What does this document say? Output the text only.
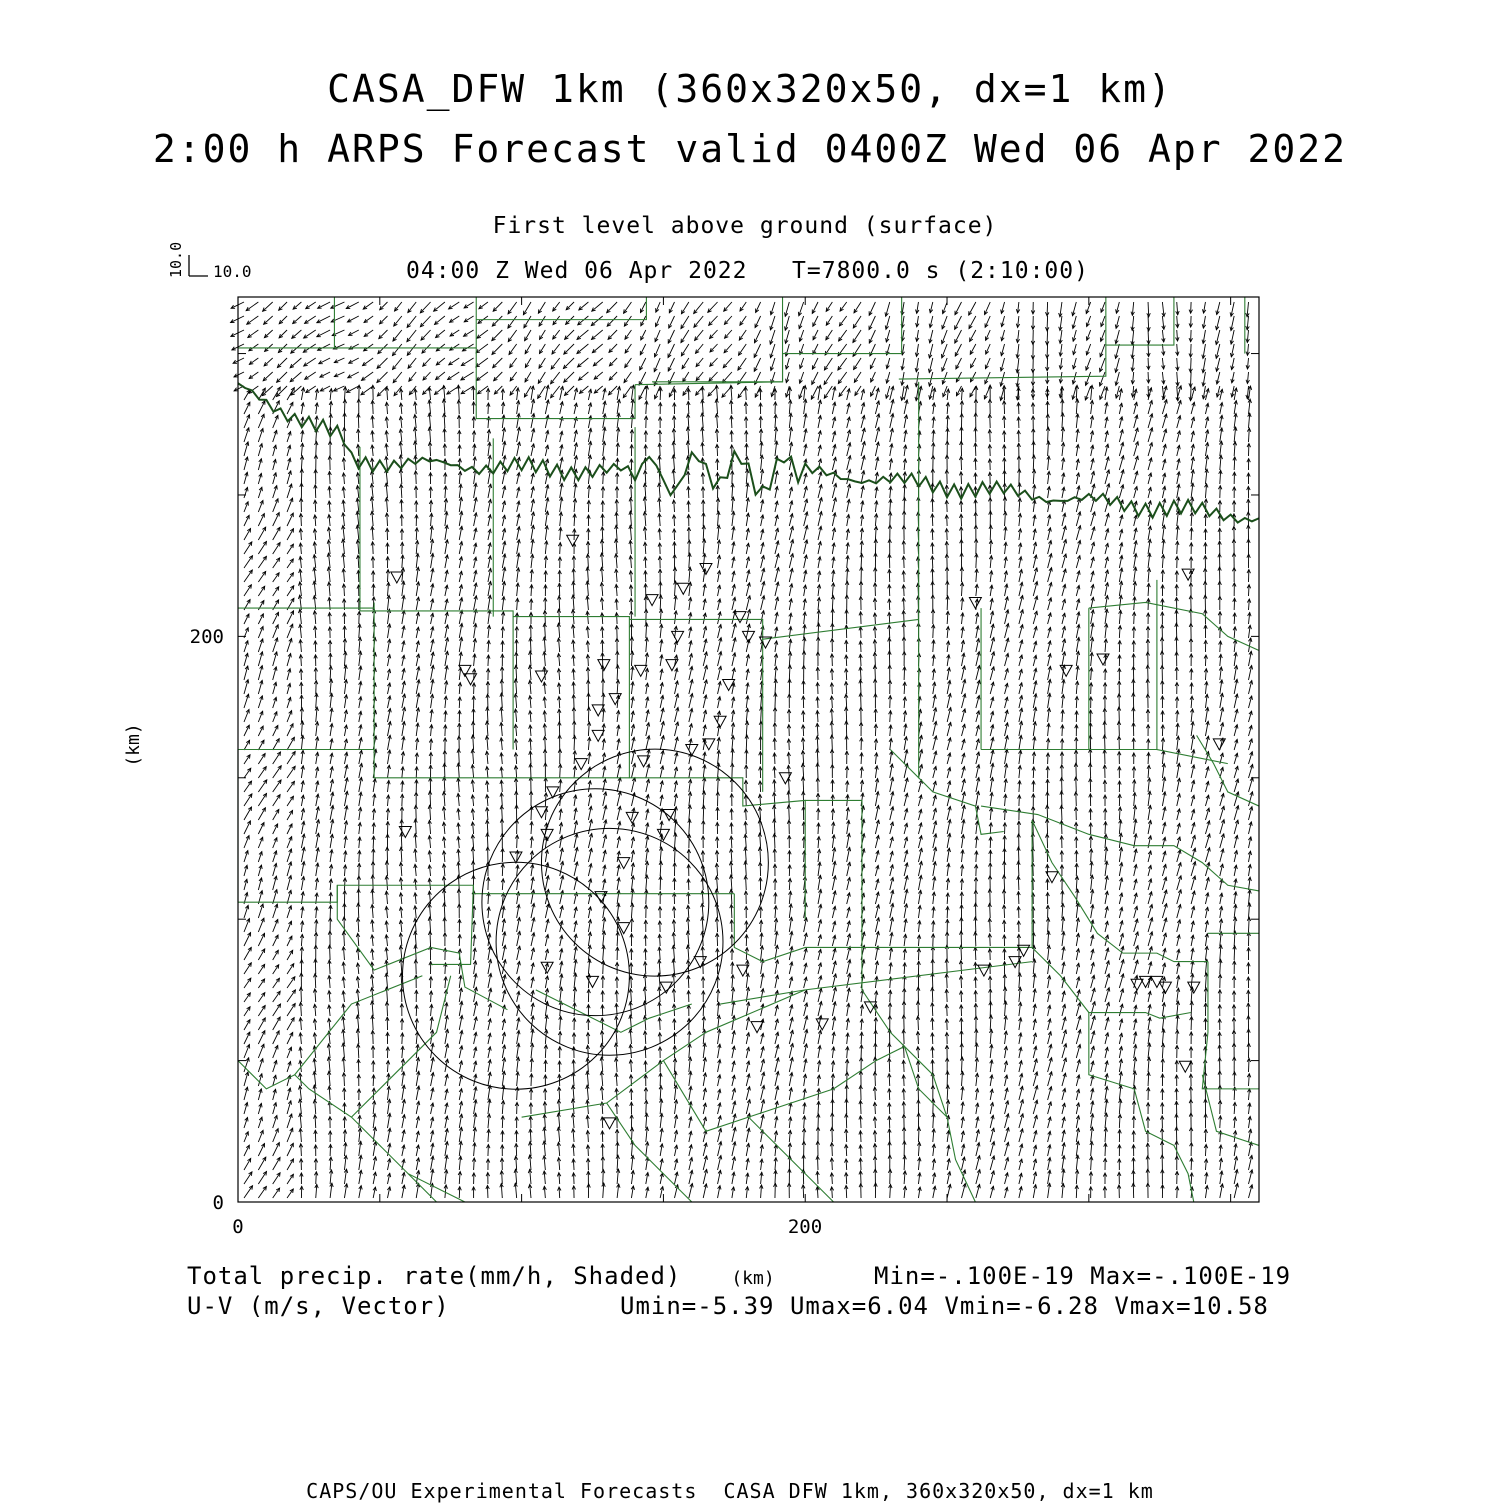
10.0 10.0
0	200
0
200
(km)
(km)
CASA_DFW 1km (360x320x50, dx=1 km)
2:00 h ARPS Forecast valid 0400Z Wed 06 Apr 2022
First level above ground (surface)
04:00 Z Wed 06 Apr 2022   T=7800.0 s (2:10:00)
Total precip. rate(mm/h, Shaded)	Min=-.100E-19 Max=-.100E-19
U-V (m/s, Vector)	Umin=-5.39 Umax=6.04 Vmin=-6.28 Vmax=10.58
CAPS/OU Experimental Forecasts  CASA DFW 1km, 360x320x50, dx=1 km
